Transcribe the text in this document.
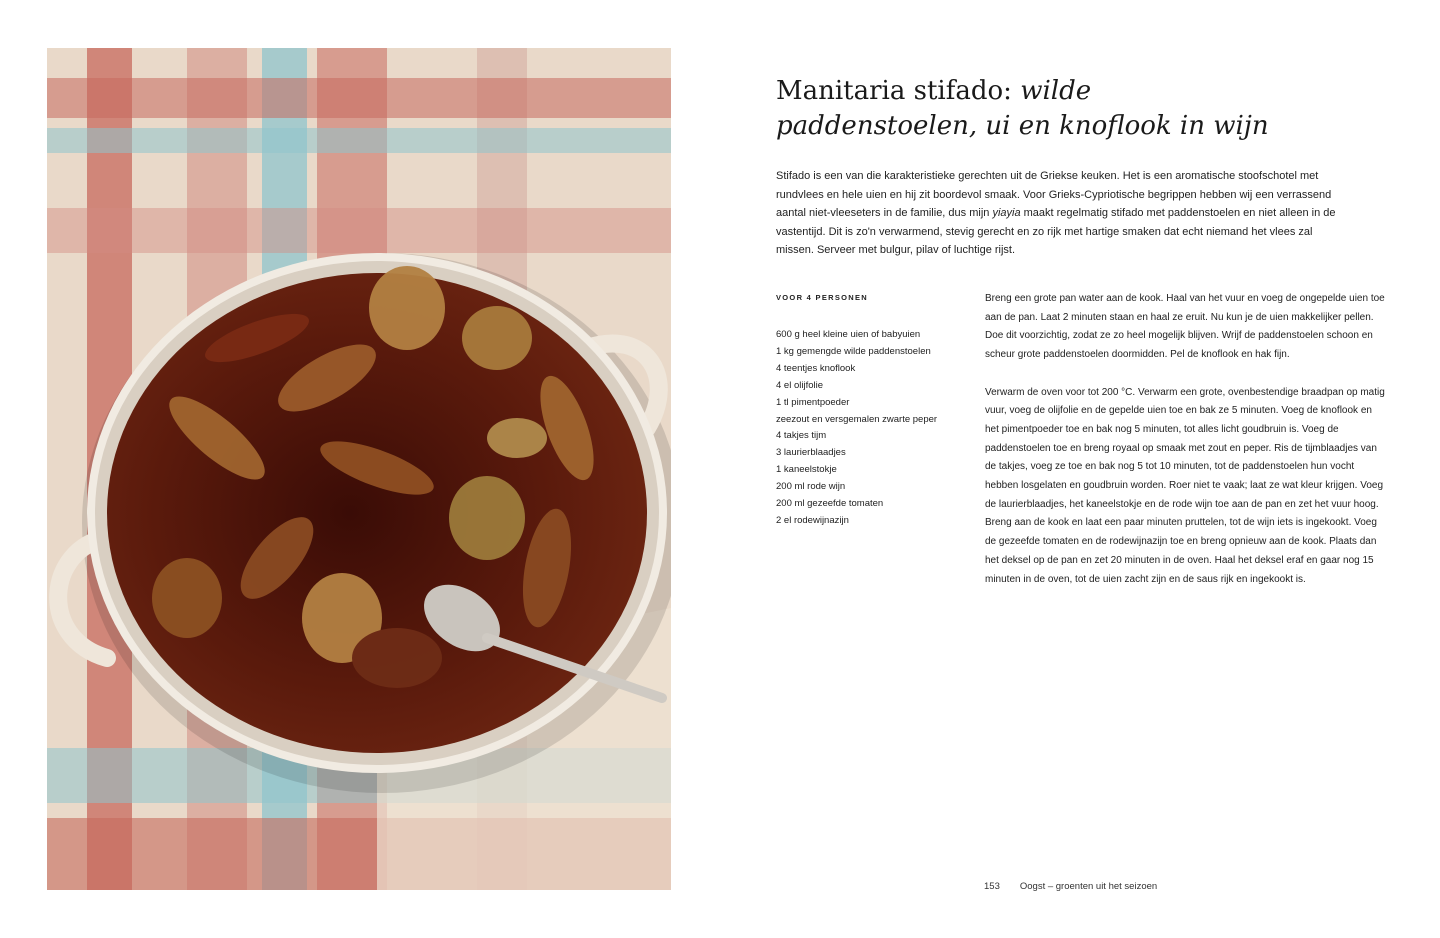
Manitaria stifado: wilde paddenstoelen, ui en knoflook in wijn

Stifado is een van die karakteristieke gerechten uit de Griekse keuken. Het is een aromatische stoofschotel met rundvlees en hele uien en hij zit boordevol smaak. Voor Grieks-Cypriotische begrippen hebben wij een verrassend aantal niet-vleeseters in de familie, dus mijn yiayia maakt regelmatig stifado met paddenstoelen en niet alleen in de vastentijd. Dit is zo'n verwarmend, stevig gerecht en zo rijk met hartige smaken dat echt niemand het vlees zal missen. Serveer met bulgur, pilav of luchtige rijst.

VOOR 4 PERSONEN
600 g heel kleine uien of babyuien
1 kg gemengde wilde paddenstoelen
4 teentjes knoflook
4 el olijfolie
1 tl pimentpoeder
zeezout en versgemalen zwarte peper
4 takjes tijm
3 laurierblaadjes
1 kaneelstokje
200 ml rode wijn
200 ml gezeefde tomaten
2 el rodewijnazijn

Breng een grote pan water aan de kook. Haal van het vuur en voeg de ongepelde uien toe aan de pan. Laat 2 minuten staan en haal ze eruit. Nu kun je de uien makkelijker pellen. Doe dit voorzichtig, zodat ze zo heel mogelijk blijven. Wrijf de paddenstoelen schoon en scheur grote paddenstoelen doormidden. Pel de knoflook en hak fijn.

Verwarm de oven voor tot 200 °C. Verwarm een grote, ovenbestendige braadpan op matig vuur, voeg de olijfolie en de gepelde uien toe en bak ze 5 minuten. Voeg de knoflook en het pimentpoeder toe en bak nog 5 minuten, tot alles licht goudbruin is. Voeg de paddenstoelen toe en breng royaal op smaak met zout en peper. Ris de tijmblaadjes van de takjes, voeg ze toe en bak nog 5 tot 10 minuten, tot de paddenstoelen hun vocht hebben losgelaten en goudbruin worden. Roer niet te vaak; laat ze wat kleur krijgen. Voeg de laurierblaadjes, het kaneelstokje en de rode wijn toe aan de pan en zet het vuur hoog. Breng aan de kook en laat een paar minuten pruttelen, tot de wijn iets is ingekookt. Voeg de gezeefde tomaten en de rodewijnazijn toe en breng opnieuw aan de kook. Plaats dan het deksel op de pan en zet 20 minuten in de oven. Haal het deksel eraf en gaar nog 15 minuten in de oven, tot de uien zacht zijn en de saus rijk en ingekookt is.

153 Oogst – groenten uit het seizoen
